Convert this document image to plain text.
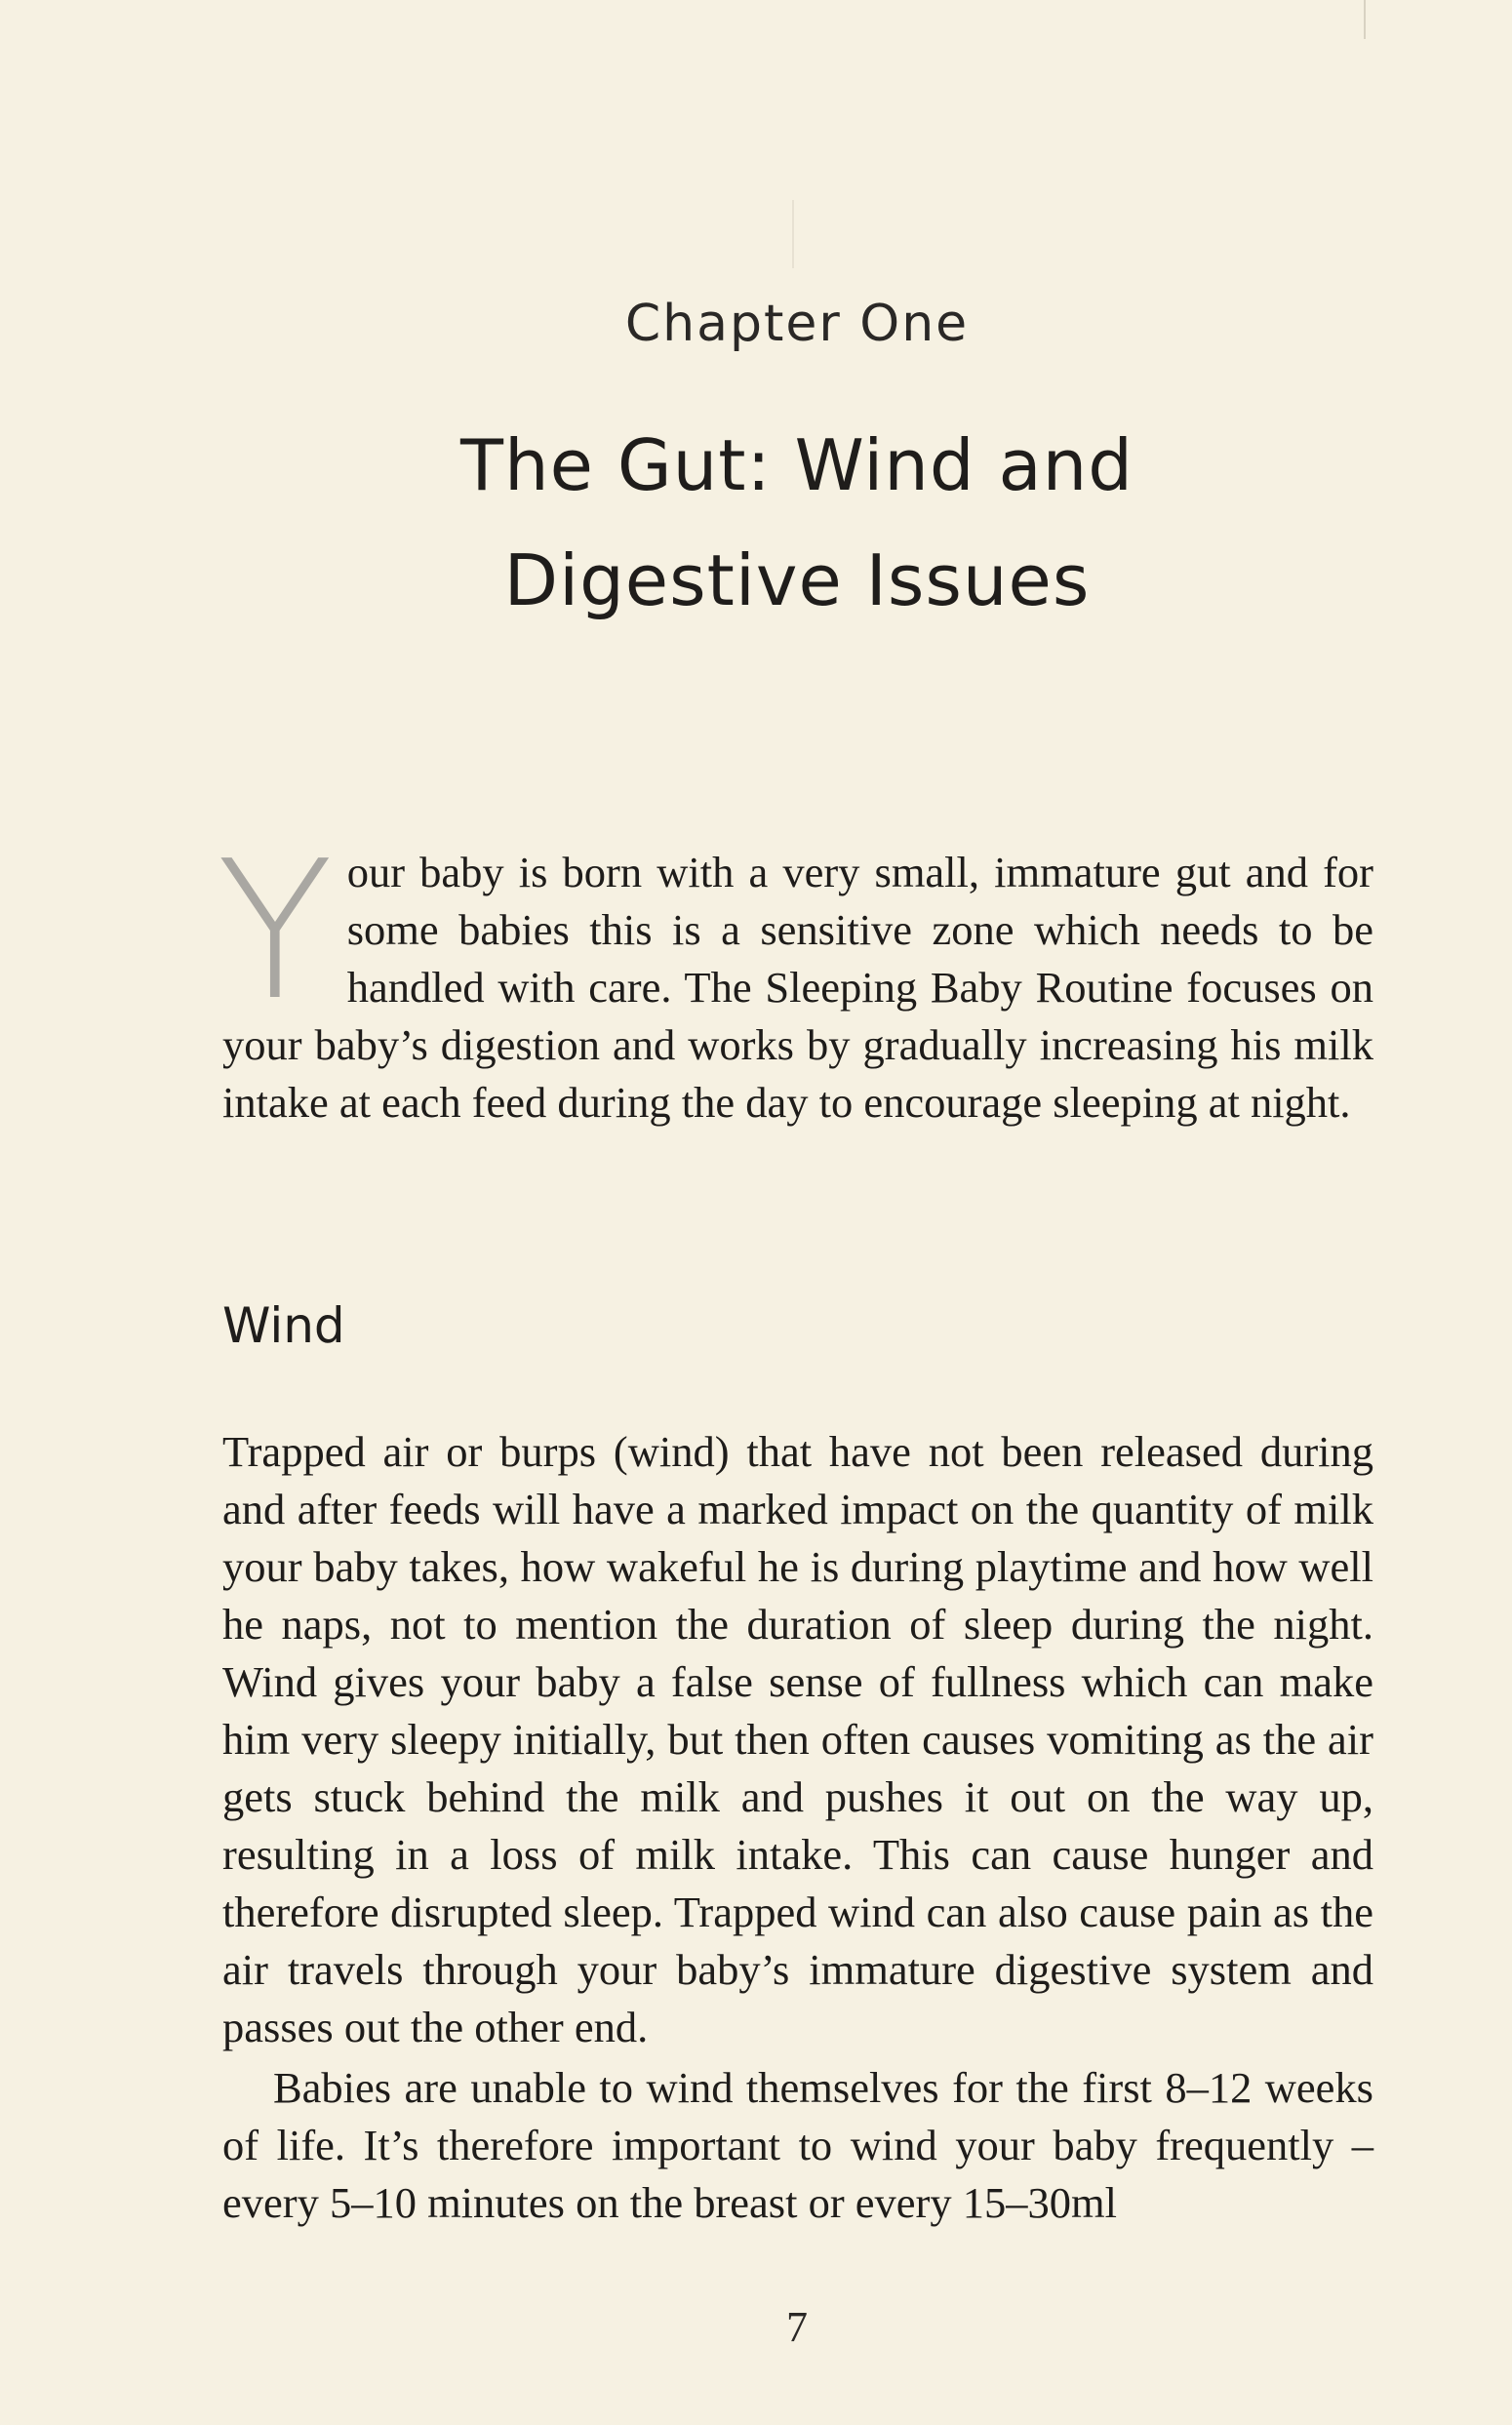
Chapter One
The Gut: Wind and
Digestive Issues

Your baby is born with a very small, immature gut and for some babies this is a sensitive zone which needs to be handled with care. The Sleeping Baby Routine focuses on your baby’s digestion and works by gradually increasing his milk intake at each feed during the day to encourage sleeping at night.

Wind

Trapped air or burps (wind) that have not been released during and after feeds will have a marked impact on the quantity of milk your baby takes, how wakeful he is during playtime and how well he naps, not to mention the duration of sleep during the night. Wind gives your baby a false sense of fullness which can make him very sleepy initially, but then often causes vomiting as the air gets stuck behind the milk and pushes it out on the way up, resulting in a loss of milk intake. This can cause hunger and therefore disrupted sleep. Trapped wind can also cause pain as the air travels through your baby’s immature digestive system and passes out the other end.

Babies are unable to wind themselves for the first 8–12 weeks of life. It’s therefore important to wind your baby frequently – every 5–10 minutes on the breast or every 15–30ml

7
